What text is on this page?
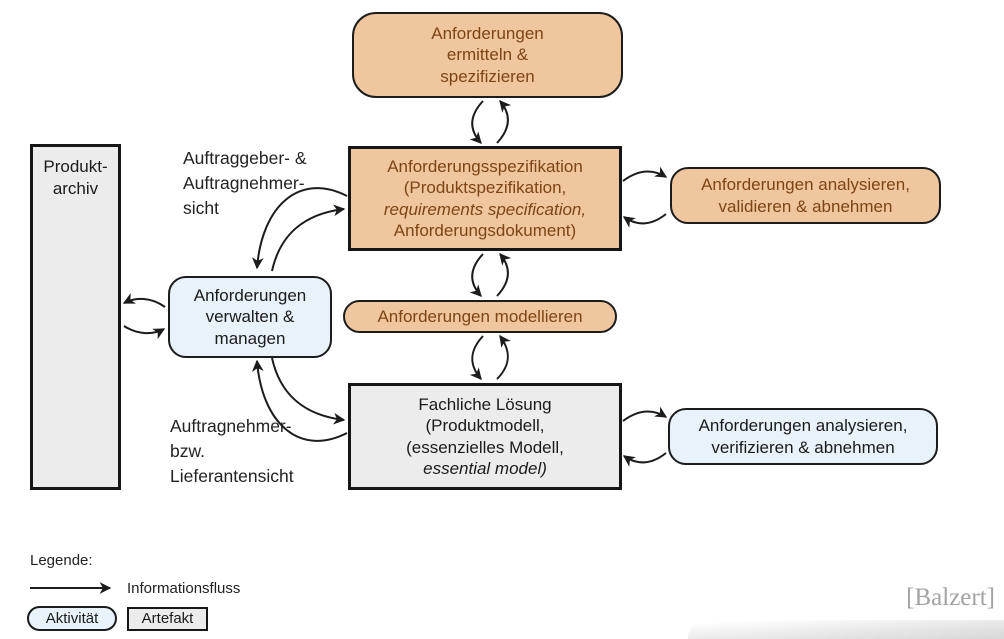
Anforderungen
ermitteln &
spezifizieren
Anforderungsspezifikation
(Produktspezifikation,
requirements specification,
Anforderungsdokument)
Anforderungen analysieren,
validieren & abnehmen
Produkt-
archiv
Anforderungen
verwalten &
managen
Anforderungen modellieren
Fachliche Lösung
(Produktmodell,
(essenzielles Modell,
essential model)
Anforderungen analysieren,
verifizieren & abnehmen
Auftraggeber- &
Auftragnehmer-
sicht
Auftragnehmer-
bzw.
Lieferantensicht
Legende:
Informationsfluss
Aktivität	Artefakt
[Balzert]
